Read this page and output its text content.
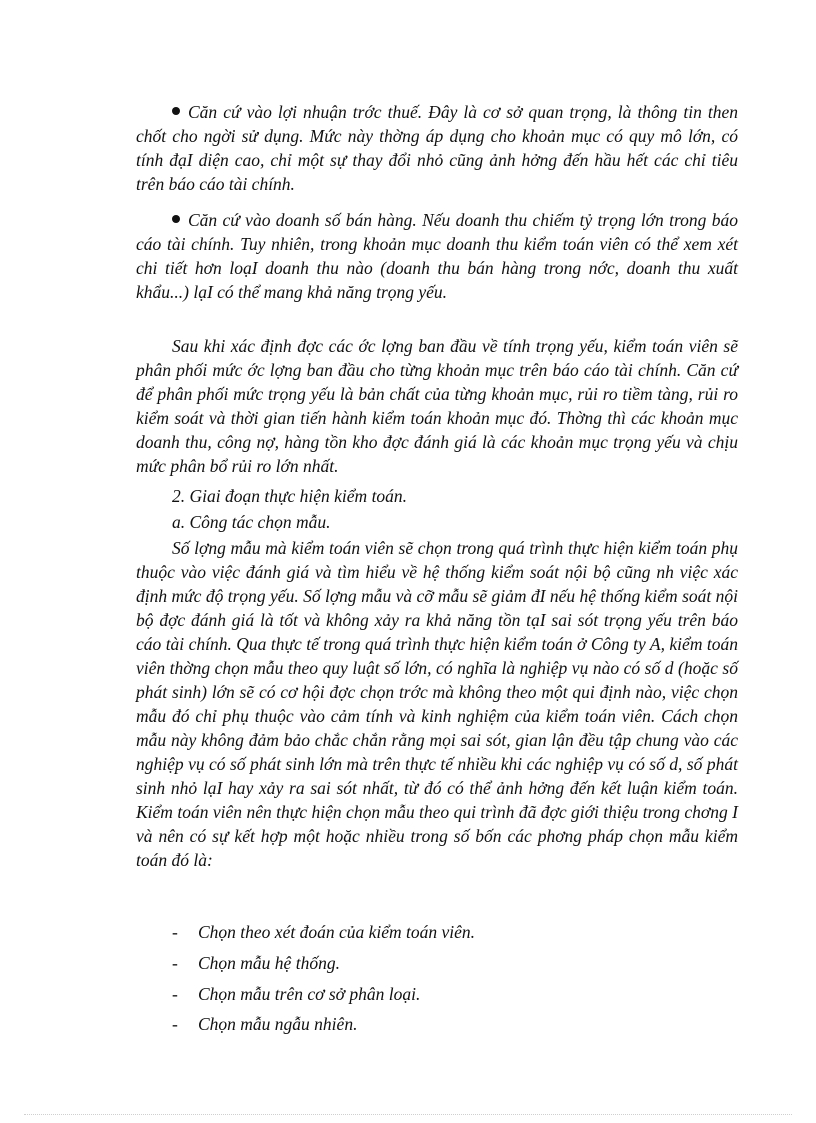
Căn cứ vào lợi nhuận trớc thuế. Đây là cơ sở quan trọng, là thông tin then chốt cho ngời sử dụng. Mức này thờng áp dụng cho khoản mục có quy mô lớn, có tính đạI diện cao, chỉ một sự thay đổi nhỏ cũng ảnh hởng đến hầu hết các chỉ tiêu trên báo cáo tài chính.

Căn cứ vào doanh số bán hàng. Nếu doanh thu chiếm tỷ trọng lớn trong báo cáo tài chính. Tuy nhiên, trong khoản mục doanh thu kiểm toán viên có thể xem xét chi tiết hơn loạI doanh thu nào (doanh thu bán hàng trong nớc, doanh thu xuất khẩu...) lạI có thể mang khả năng trọng yếu.

Sau khi xác định đợc các ớc lợng ban đầu về tính trọng yếu, kiểm toán viên sẽ phân phối mức ớc lợng ban đầu cho từng khoản mục trên báo cáo tài chính. Căn cứ để phân phối mức trọng yếu là bản chất của từng khoản mục, rủi ro tiềm tàng, rủi ro kiểm soát và thời gian tiến hành kiểm toán khoản mục đó. Thờng thì các khoản mục doanh thu, công nợ, hàng tồn kho đợc đánh giá là các khoản mục trọng yếu và chịu mức phân bổ rủi ro lớn nhất.

2. Giai đoạn thực hiện kiểm toán.

a. Công tác chọn mẫu.

Số lợng mẫu mà kiểm toán viên sẽ chọn trong quá trình thực hiện kiểm toán phụ thuộc vào việc đánh giá và tìm hiểu về hệ thống kiểm soát nội bộ cũng nh việc xác định mức độ trọng yếu. Số lợng mẫu và cỡ mẫu sẽ giảm đI nếu hệ thống kiểm soát nội bộ đợc đánh giá là tốt và không xảy ra khả năng tồn tạI sai sót trọng yếu trên báo cáo tài chính. Qua thực tế trong quá trình thực hiện kiểm toán ở Công ty A, kiểm toán viên thờng chọn mẫu theo quy luật số lớn, có nghĩa là nghiệp vụ nào có số d (hoặc số phát sinh) lớn sẽ có cơ hội đợc chọn trớc mà không theo một qui định nào, việc chọn mẫu đó chỉ phụ thuộc vào cảm tính và kinh nghiệm của kiểm toán viên. Cách chọn mẫu này không đảm bảo chắc chắn rằng mọi sai sót, gian lận đều tập chung vào các nghiệp vụ có số phát sinh lớn mà trên thực tế nhiều khi các nghiệp vụ có số d, số phát sinh nhỏ lạI hay xảy ra sai sót nhất, từ đó có thể ảnh hởng đến kết luận kiểm toán. Kiểm toán viên nên thực hiện chọn mẫu theo qui trình đã đợc giới thiệu trong chơng I và nên có sự kết hợp một hoặc nhiều trong số bốn các phơng pháp chọn mẫu kiểm toán đó là:

- Chọn theo xét đoán của kiểm toán viên.
- Chọn mẫu hệ thống.
- Chọn mẫu trên cơ sở phân loại.
- Chọn mẫu ngẫu nhiên.
